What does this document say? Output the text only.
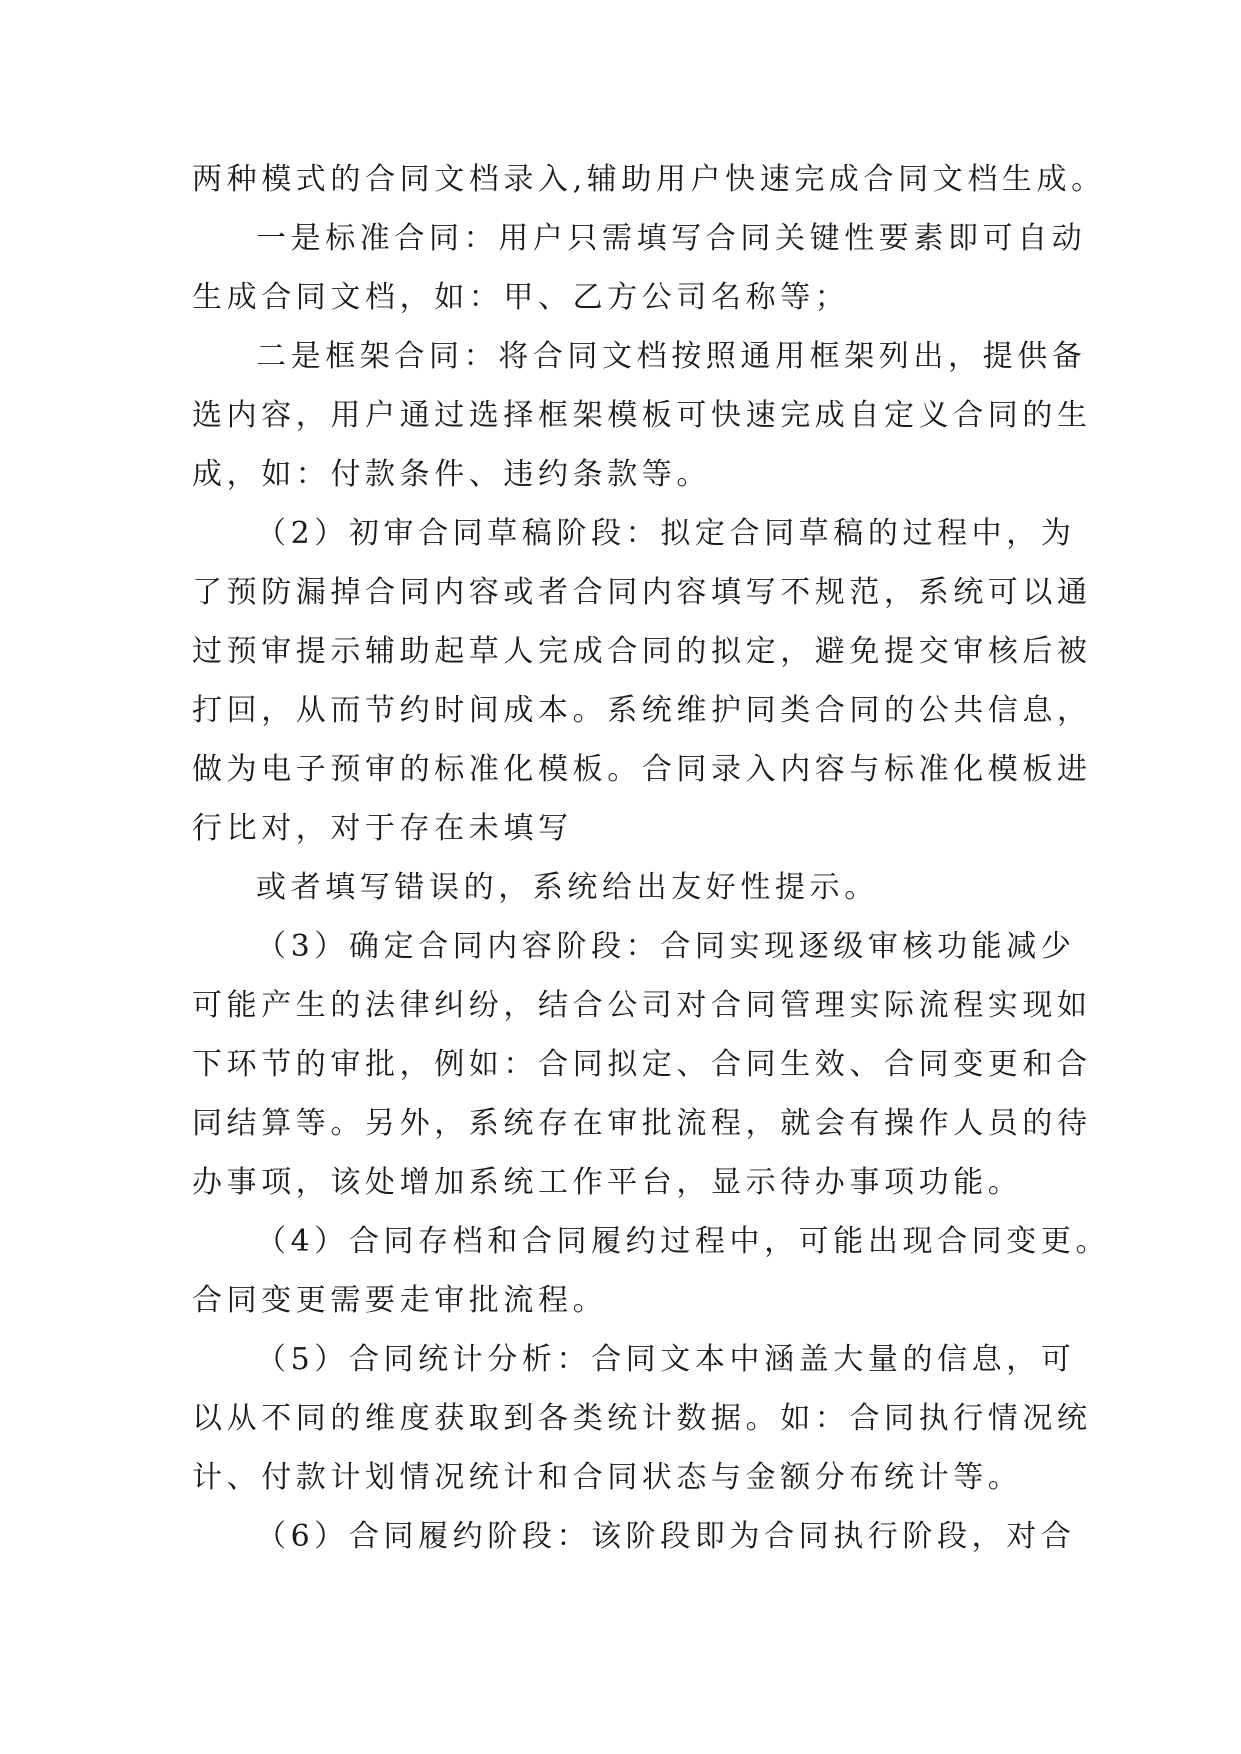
两种模式的合同文档录入,辅助用户快速完成合同文档生成。
一是标准合同：用户只需填写合同关键性要素即可自动
生成合同文档，如：甲、乙方公司名称等；
二是框架合同：将合同文档按照通用框架列出，提供备
选内容，用户通过选择框架模板可快速完成自定义合同的生
成，如：付款条件、违约条款等。
（2）初审合同草稿阶段：拟定合同草稿的过程中，为
了预防漏掉合同内容或者合同内容填写不规范，系统可以通
过预审提示辅助起草人完成合同的拟定，避免提交审核后被
打回，从而节约时间成本。系统维护同类合同的公共信息，
做为电子预审的标准化模板。合同录入内容与标准化模板进
行比对，对于存在未填写
或者填写错误的，系统给出友好性提示。
（3）确定合同内容阶段：合同实现逐级审核功能减少
可能产生的法律纠纷，结合公司对合同管理实际流程实现如
下环节的审批，例如：合同拟定、合同生效、合同变更和合
同结算等。另外，系统存在审批流程，就会有操作人员的待
办事项，该处增加系统工作平台，显示待办事项功能。
（4）合同存档和合同履约过程中，可能出现合同变更。
合同变更需要走审批流程。
（5）合同统计分析：合同文本中涵盖大量的信息，可
以从不同的维度获取到各类统计数据。如：合同执行情况统
计、付款计划情况统计和合同状态与金额分布统计等。
（6）合同履约阶段：该阶段即为合同执行阶段，对合
